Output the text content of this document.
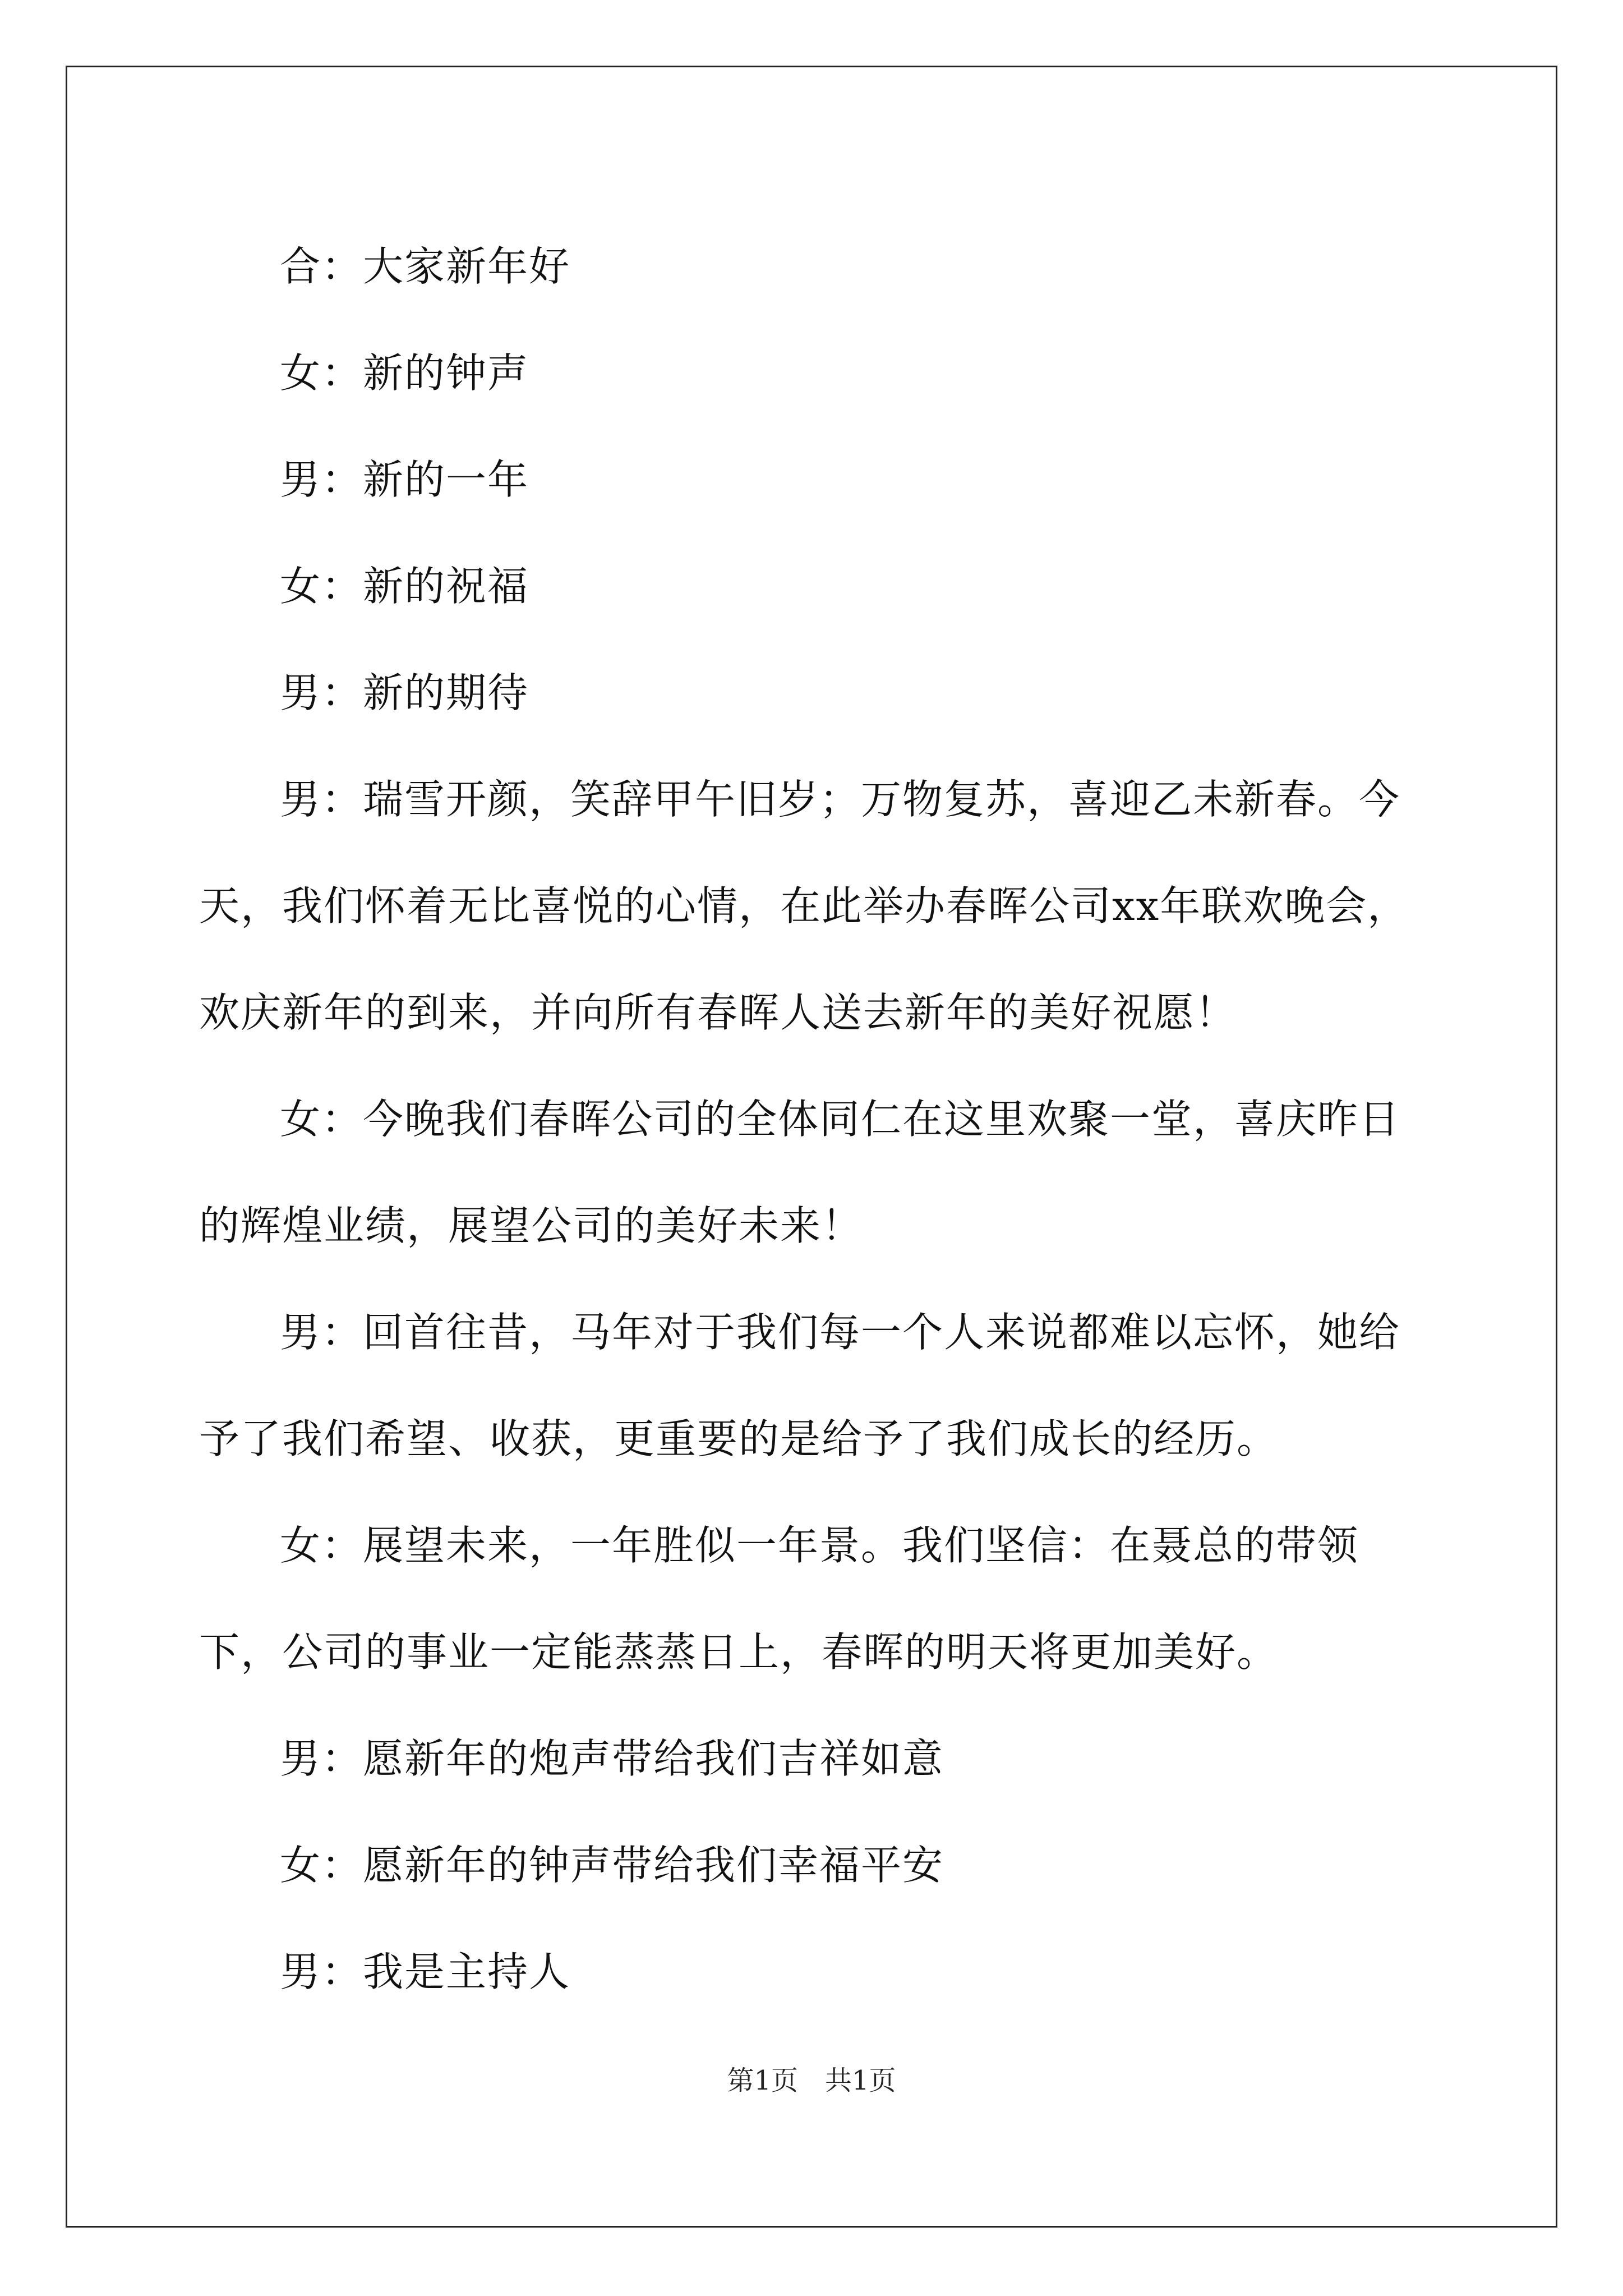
合：大家新年好

女：新的钟声

男：新的一年

女：新的祝福

男：新的期待

男：瑞雪开颜，笑辞甲午旧岁；万物复苏，喜迎乙未新春。今天，我们怀着无比喜悦的心情，在此举办春晖公司xx年联欢晚会，欢庆新年的到来，并向所有春晖人送去新年的美好祝愿！

女：今晚我们春晖公司的全体同仁在这里欢聚一堂，喜庆昨日的辉煌业绩，展望公司的美好未来！

男：回首往昔，马年对于我们每一个人来说都难以忘怀，她给予了我们希望、收获，更重要的是给予了我们成长的经历。

女：展望未来，一年胜似一年景。我们坚信：在聂总的带领下，公司的事业一定能蒸蒸日上，春晖的明天将更加美好。

男：愿新年的炮声带给我们吉祥如意

女：愿新年的钟声带给我们幸福平安

男：我是主持人

第1页　共1页
